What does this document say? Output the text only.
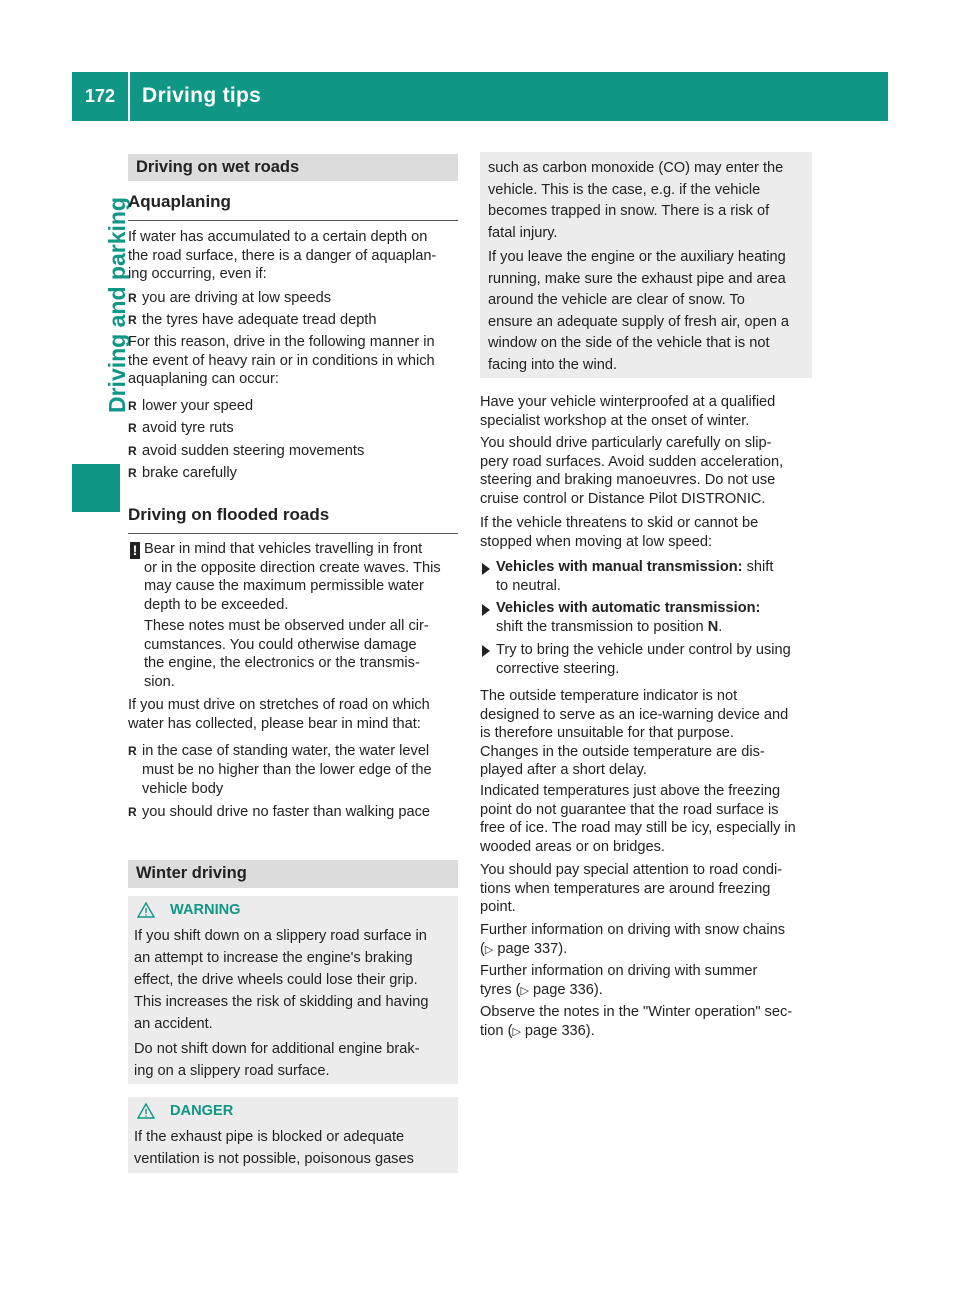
172	Driving tips
Driving and parking
Driving on wet roads
Aquaplaning
If water has accumulated to a certain depth on
the road surface, there is a danger of aquaplan-
ing occurring, even if:
R you are driving at low speeds
R the tyres have adequate tread depth
For this reason, drive in the following manner in
the event of heavy rain or in conditions in which
aquaplaning can occur:
R lower your speed
R avoid tyre ruts
R avoid sudden steering movements
R brake carefully
Driving on flooded roads
! Bear in mind that vehicles travelling in front
or in the opposite direction create waves. This
may cause the maximum permissible water
depth to be exceeded.
These notes must be observed under all cir-
cumstances. You could otherwise damage
the engine, the electronics or the transmis-
sion.
If you must drive on stretches of road on which
water has collected, please bear in mind that:
R in the case of standing water, the water level
must be no higher than the lower edge of the
vehicle body
R you should drive no faster than walking pace
Winter driving
WARNING
If you shift down on a slippery road surface in
an attempt to increase the engine's braking
effect, the drive wheels could lose their grip.
This increases the risk of skidding and having
an accident.
Do not shift down for additional engine brak-
ing on a slippery road surface.
DANGER
If the exhaust pipe is blocked or adequate
ventilation is not possible, poisonous gases
such as carbon monoxide (CO) may enter the
vehicle. This is the case, e.g. if the vehicle
becomes trapped in snow. There is a risk of
fatal injury.
If you leave the engine or the auxiliary heating
running, make sure the exhaust pipe and area
around the vehicle are clear of snow. To
ensure an adequate supply of fresh air, open a
window on the side of the vehicle that is not
facing into the wind.
Have your vehicle winterproofed at a qualified
specialist workshop at the onset of winter.
You should drive particularly carefully on slip-
pery road surfaces. Avoid sudden acceleration,
steering and braking manoeuvres. Do not use
cruise control or Distance Pilot DISTRONIC.
If the vehicle threatens to skid or cannot be
stopped when moving at low speed:
Vehicles with manual transmission: shift
to neutral.
Vehicles with automatic transmission:
shift the transmission to position N.
Try to bring the vehicle under control by using
corrective steering.
The outside temperature indicator is not
designed to serve as an ice-warning device and
is therefore unsuitable for that purpose.
Changes in the outside temperature are dis-
played after a short delay.
Indicated temperatures just above the freezing
point do not guarantee that the road surface is
free of ice. The road may still be icy, especially in
wooded areas or on bridges.
You should pay special attention to road condi-
tions when temperatures are around freezing
point.
Further information on driving with snow chains
(▷ page 337).
Further information on driving with summer
tyres (▷ page 336).
Observe the notes in the "Winter operation" sec-
tion (▷ page 336).
